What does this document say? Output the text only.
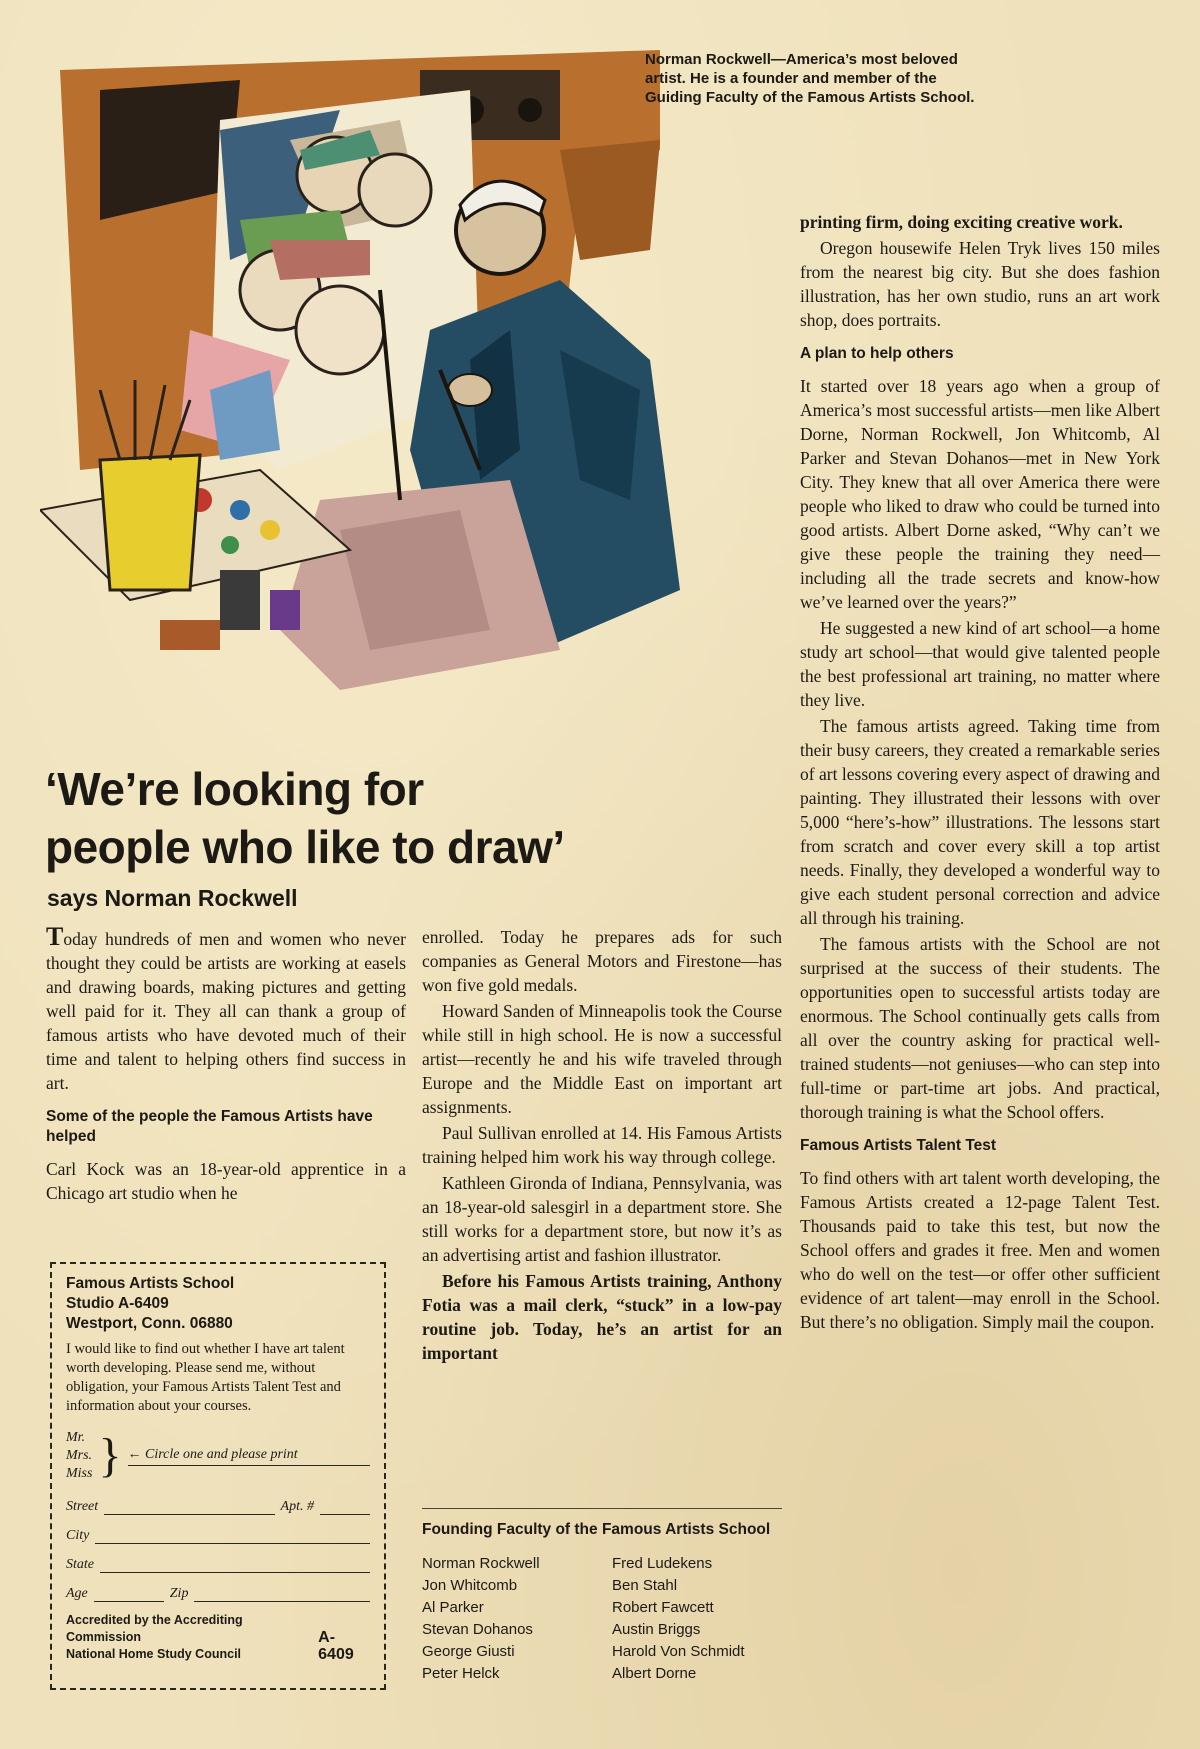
Norman Rockwell—America’s most beloved artist. He is a founder and member of the Guiding Faculty of the Famous Artists School.
‘We’re looking for
people who like to draw’
says Norman Rockwell

Today hundreds of men and women who never thought they could be artists are working at easels and drawing boards, making pictures and getting well paid for it. They all can thank a group of famous artists who have devoted much of their time and talent to helping others find success in art.

Some of the people the Famous Artists have helped

Carl Kock was an 18-year-old apprentice in a Chicago art studio when he

enrolled. Today he prepares ads for such companies as General Motors and Firestone—has won five gold medals.

Howard Sanden of Minneapolis took the Course while still in high school. He is now a successful artist—recently he and his wife traveled through Europe and the Middle East on important art assignments.

Paul Sullivan enrolled at 14. His Famous Artists training helped him work his way through college.

Kathleen Gironda of Indiana, Pennsylvania, was an 18-year-old salesgirl in a department store. She still works for a department store, but now it’s as an advertising artist and fashion illustrator.

Before his Famous Artists training, Anthony Fotia was a mail clerk, “stuck” in a low-pay routine job. Today, he’s an artist for an important

Founding Faculty of the Famous Artists School
Norman Rockwell	Fred Ludekens
Jon Whitcomb	Ben Stahl
Al Parker	Robert Fawcett
Stevan Dohanos	Austin Briggs
George Giusti	Harold Von Schmidt
Peter Helck	Albert Dorne

printing firm, doing exciting creative work.

Oregon housewife Helen Tryk lives 150 miles from the nearest big city. But she does fashion illustration, has her own studio, runs an art work shop, does portraits.

A plan to help others

It started over 18 years ago when a group of America’s most successful artists—men like Albert Dorne, Norman Rockwell, Jon Whitcomb, Al Parker and Stevan Dohanos—met in New York City. They knew that all over America there were people who liked to draw who could be turned into good artists. Albert Dorne asked, “Why can’t we give these people the training they need—including all the trade secrets and know-how we’ve learned over the years?”

He suggested a new kind of art school—a home study art school—that would give talented people the best professional art training, no matter where they live.

The famous artists agreed. Taking time from their busy careers, they created a remarkable series of art lessons covering every aspect of drawing and painting. They illustrated their lessons with over 5,000 “here’s-how” illustrations. The lessons start from scratch and cover every skill a top artist needs. Finally, they developed a wonderful way to give each student personal correction and advice all through his training.

The famous artists with the School are not surprised at the success of their students. The opportunities open to successful artists today are enormous. The School continually gets calls from all over the country asking for practical well-trained students—not geniuses—who can step into full-time or part-time art jobs. And practical, thorough training is what the School offers.

Famous Artists Talent Test

To find others with art talent worth developing, the Famous Artists created a 12-page Talent Test. Thousands paid to take this test, but now the School offers and grades it free. Men and women who do well on the test—or offer other sufficient evidence of art talent—may enroll in the School. But there’s no obligation. Simply mail the coupon.

Famous Artists School
Studio A-6409
Westport, Conn. 06880
I would like to find out whether I have art talent worth developing. Please send me, without obligation, your Famous Artists Talent Test and information about your courses.
Mr.
Mrs.
Miss } ← Circle one and please print
Street	Apt. #
City
State
Age	Zip
Accredited by the Accrediting Commission
National Home Study Council
A-6409
